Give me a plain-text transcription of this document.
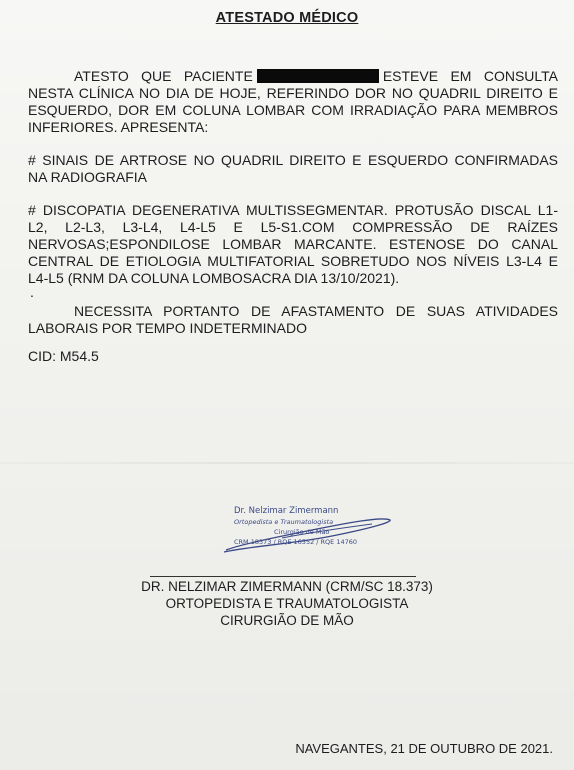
ATESTADO MÉDICO
ATESTO QUE PACIENTE	ESTEVE EM CONSULTA NESTA CLÍNICA NO DIA DE HOJE, REFERINDO DOR NO QUADRIL DIREITO E ESQUERDO, DOR EM COLUNA LOMBAR COM IRRADIAÇÃO PARA MEMBROS INFERIORES. APRESENTA:
# SINAIS DE ARTROSE NO QUADRIL DIREITO E ESQUERDO CONFIRMADAS NA RADIOGRAFIA
# DISCOPATIA DEGENERATIVA MULTISSEGMENTAR. PROTUSÃO DISCAL L1-L2, L2-L3, L3-L4, L4-L5 E L5-S1.COM COMPRESSÃO DE RAÍZES NERVOSAS;ESPONDILOSE LOMBAR MARCANTE. ESTENOSE DO CANAL CENTRAL DE ETIOLOGIA MULTIFATORIAL SOBRETUDO NOS NÍVEIS L3-L4 E L4-L5 (RNM DA COLUNA LOMBOSACRA DIA 13/10/2021).
.
NECESSITA PORTANTO DE AFASTAMENTO DE SUAS ATIVIDADES LABORAIS POR TEMPO INDETERMINADO
CID: M54.5
Dr. Nelzimar Zimermann
Ortopedista e Traumatologista
Cirurgião de Mão
CRM 18373 / RQE 16552 / RQE 14760
DR. NELZIMAR ZIMERMANN (CRM/SC 18.373)
ORTOPEDISTA E TRAUMATOLOGISTA
CIRURGIÃO DE MÃO
NAVEGANTES, 21 DE OUTUBRO DE 2021.
